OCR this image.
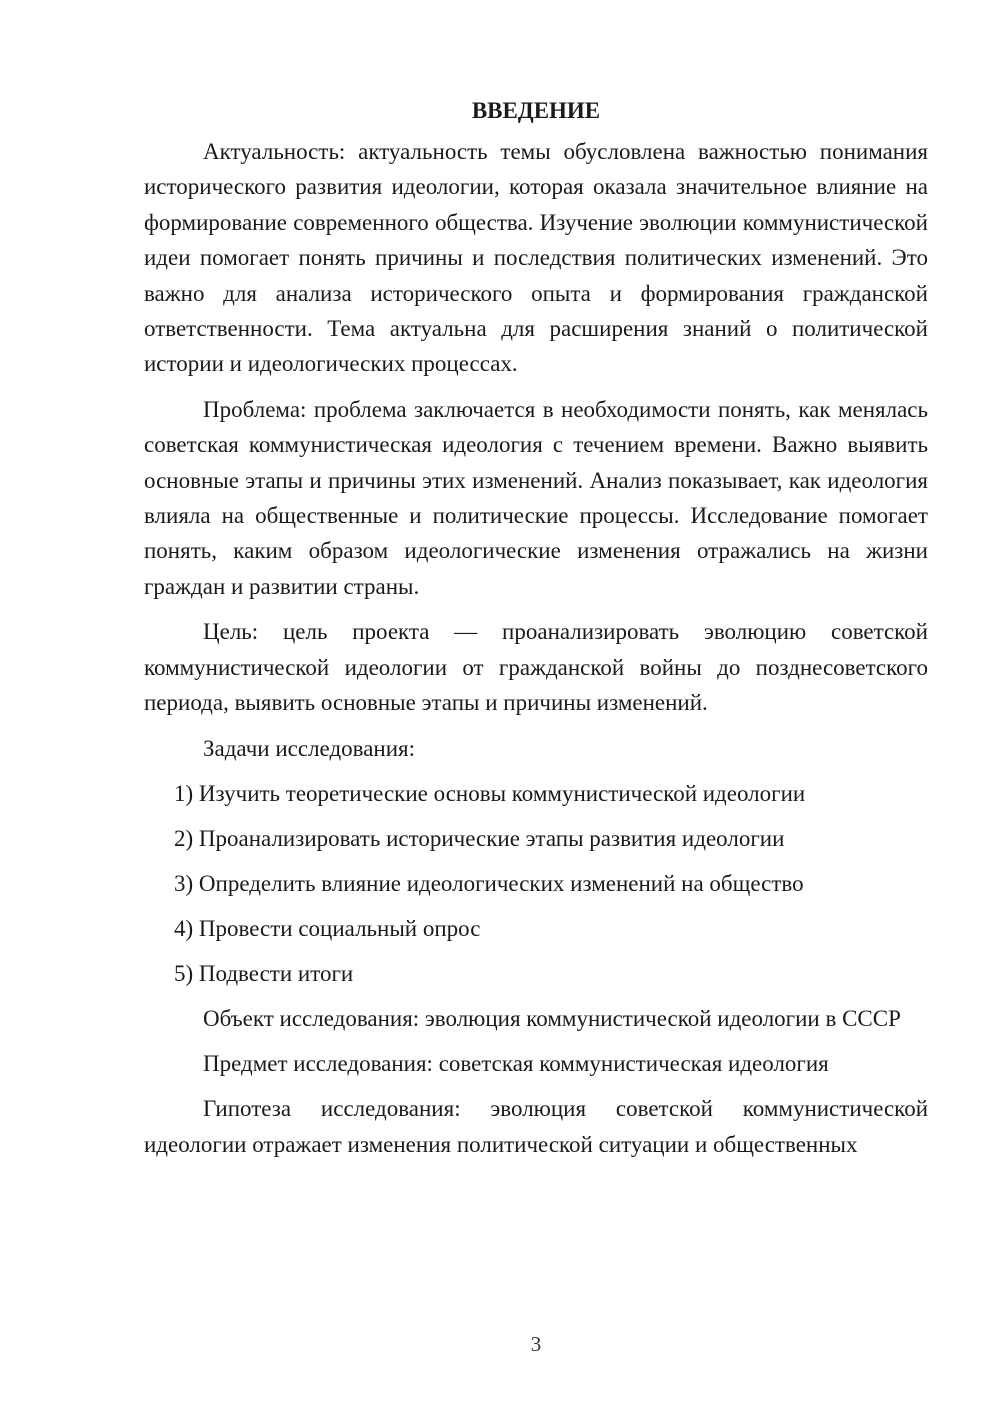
ВВЕДЕНИЕ

Актуальность: актуальность темы обусловлена важностью понимания исторического развития идеологии, которая оказала значительное влияние на формирование современного общества. Изучение эволюции коммунистической идеи помогает понять причины и последствия политических изменений. Это важно для анализа исторического опыта и формирования гражданской ответственности. Тема актуальна для расширения знаний о политической истории и идеологических процессах.

Проблема: проблема заключается в необходимости понять, как менялась советская коммунистическая идеология с течением времени. Важно выявить основные этапы и причины этих изменений. Анализ показывает, как идеология влияла на общественные и политические процессы. Исследование помогает понять, каким образом идеологические изменения отражались на жизни граждан и развитии страны.

Цель: цель проекта — проанализировать эволюцию советской коммунистической идеологии от гражданской войны до позднесоветского периода, выявить основные этапы и причины изменений.

Задачи исследования:
1) Изучить теоретические основы коммунистической идеологии
2) Проанализировать исторические этапы развития идеологии
3) Определить влияние идеологических изменений на общество
4) Провести социальный опрос
5) Подвести итоги

Объект исследования: эволюция коммунистической идеологии в СССР

Предмет исследования: советская коммунистическая идеология

Гипотеза исследования: эволюция советской коммунистической идеологии отражает изменения политической ситуации и общественных

3
